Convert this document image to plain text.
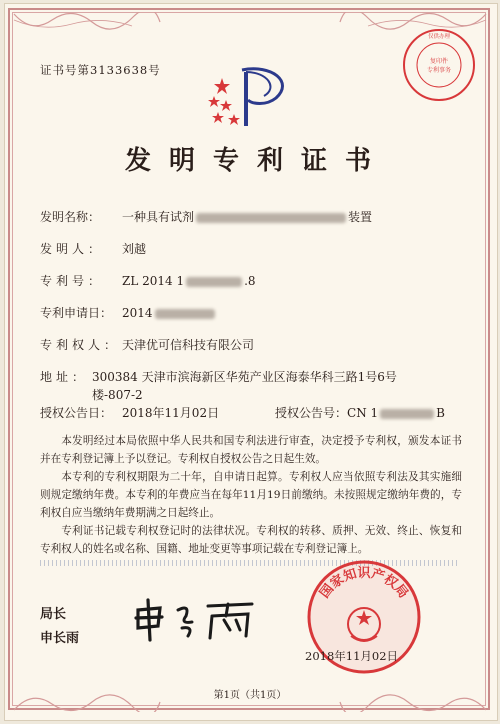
证书号第3133638号
复印件
专利事务
仅供办理
发明专利证书
发明名称： 一种具有试剂	装置
发明人： 刘越
专利号： ZL 2014 1	.8
专利申请日： 2014
专利权人： 天津优可信科技有限公司
地址： 300384 天津市滨海新区华苑产业区海泰华科三路1号6号
楼-807-2
授权公告日： 2018年11月02日	授权公告号：CN 1	B
本发明经过本局依照中华人民共和国专利法进行审查，决定授予专利权，颁发本证书并在专利登记簿上予以登记。专利权自授权公告之日起生效。
本专利的专利权期限为二十年，自申请日起算。专利权人应当依照专利法及其实施细则规定缴纳年费。本专利的年费应当在每年11月19日前缴纳。未按照规定缴纳年费的，专利权自应当缴纳年费期满之日起终止。
专利证书记载专利权登记时的法律状况。专利权的转移、质押、无效、终止、恢复和专利权人的姓名或名称、国籍、地址变更等事项记载在专利登记簿上。
局长
申长雨
国家知识产权局
2018年11月02日
第1页（共1页）
